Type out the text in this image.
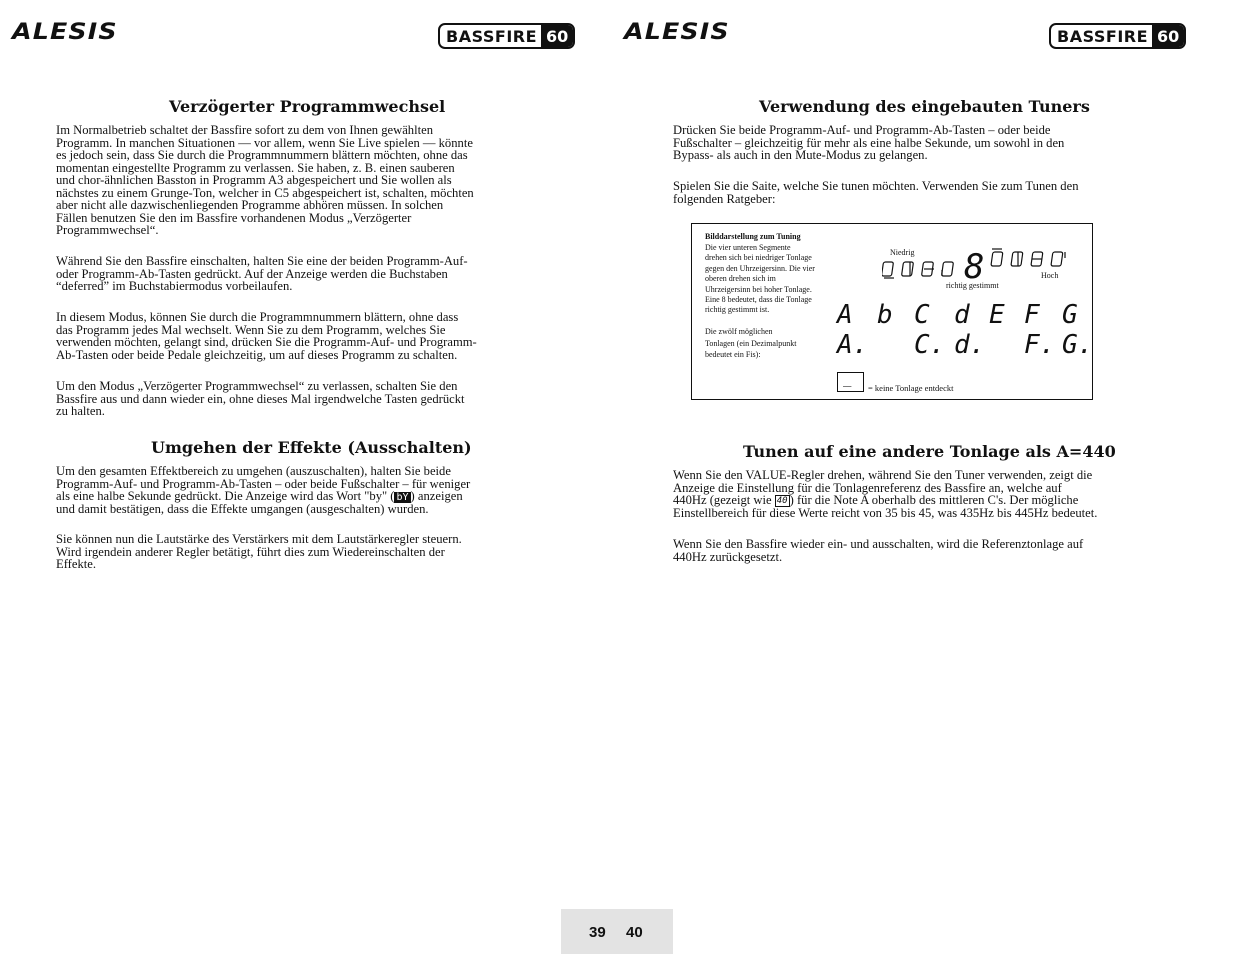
ALESIS	BASSFIRE 60	ALESIS	BASSFIRE 60
Verzögerter Programmwechsel
Im Normalbetrieb schaltet der Bassfire sofort zu dem von Ihnen gewählten
Programm. In manchen Situationen — vor allem, wenn Sie Live spielen — könnte
es jedoch sein, dass Sie durch die Programmnummern blättern möchten, ohne das
momentan eingestellte Programm zu verlassen. Sie haben, z. B. einen sauberen
und chor-ähnlichen Basston in Programm A3 abgespeichert und Sie wollen als
nächstes zu einem Grunge-Ton, welcher in C5 abgespeichert ist, schalten, möchten
aber nicht alle dazwischenliegenden Programme abhören müssen. In solchen
Fällen benutzen Sie den im Bassfire vorhandenen Modus „Verzögerter
Programmwechsel“.
Während Sie den Bassfire einschalten, halten Sie eine der beiden Programm-Auf-
oder Programm-Ab-Tasten gedrückt. Auf der Anzeige werden die Buchstaben
“deferred” im Buchstabiermodus vorbeilaufen.
In diesem Modus, können Sie durch die Programmnummern blättern, ohne dass
das Programm jedes Mal wechselt. Wenn Sie zu dem Programm, welches Sie
verwenden möchten, gelangt sind, drücken Sie die Programm-Auf- und Programm-
Ab-Tasten oder beide Pedale gleichzeitig, um auf dieses Programm zu schalten.
Um den Modus „Verzögerter Programmwechsel“ zu verlassen, schalten Sie den
Bassfire aus und dann wieder ein, ohne dieses Mal irgendwelche Tasten gedrückt
zu halten.
Umgehen der Effekte (Ausschalten)
Um den gesamten Effektbereich zu umgehen (auszuschalten), halten Sie beide
Programm-Auf- und Programm-Ab-Tasten – oder beide Fußschalter – für weniger
als eine halbe Sekunde gedrückt. Die Anzeige wird das Wort "by" ( bY ) anzeigen
und damit bestätigen, dass die Effekte umgangen (ausgeschalten) wurden.
Sie können nun die Lautstärke des Verstärkers mit dem Lautstärkeregler steuern.
Wird irgendein anderer Regler betätigt, führt dies zum Wiedereinschalten der
Effekte.
Verwendung des eingebauten Tuners
Drücken Sie beide Programm-Auf- und Programm-Ab-Tasten – oder beide
Fußschalter – gleichzeitig für mehr als eine halbe Sekunde, um sowohl in den
Bypass- als auch in den Mute-Modus zu gelangen.
Spielen Sie die Saite, welche Sie tunen möchten. Verwenden Sie zum Tunen den
folgenden Ratgeber:
Bilddarstellung zum Tuning
Die vier unteren Segmente
drehen sich bei niedriger Tonlage
gegen den Uhrzeigersinn. Die vier
oberen drehen sich im
Uhrzeigersinn bei hoher Tonlage.
Eine 8 bedeutet, dass die Tonlage
richtig gestimmt ist.
Die zwölf möglichen
Tonlagen (ein Dezimalpunkt
bedeutet ein Fis):
Niedrig
Hoch
richtig gestimmt
8
A b C d E F G
A. C. d. F. G.
_
= keine Tonlage entdeckt
Tunen auf eine andere Tonlage als A=440
Wenn Sie den VALUE-Regler drehen, während Sie den Tuner verwenden, zeigt die
Anzeige die Einstellung für die Tonlagenreferenz des Bassfire an, welche auf
440Hz (gezeigt wie 40 ) für die Note A oberhalb des mittleren C's. Der mögliche
Einstellbereich für diese Werte reicht von 35 bis 45, was 435Hz bis 445Hz bedeutet.
Wenn Sie den Bassfire wieder ein- und ausschalten, wird die Referenztonlage auf
440Hz zurückgesetzt.
39 40
